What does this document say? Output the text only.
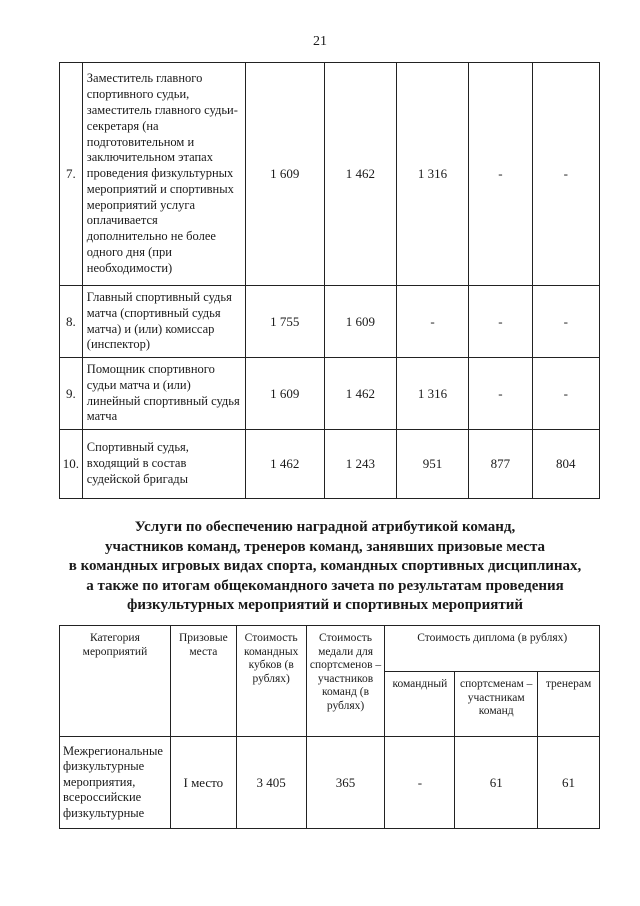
21
7.	Заместитель главного спортивного судьи, заместитель главного судьи-секретаря (на подготовительном и заключительном этапах проведения физкультурных мероприятий и спортивных мероприятий услуга оплачивается дополнительно не более одного дня (при необходимости)	1 609	1 462	1 316	-	-
8.	Главный спортивный судья матча (спортивный судья матча) и (или) комиссар (инспектор)	1 755	1 609	-	-	-
9.	Помощник спортивного судьи матча и (или) линейный спортивный судья матча	1 609	1 462	1 316	-	-
10.	Спортивный судья, входящий в состав судейской бригады	1 462	1 243	951	877	804
Услуги по обеспечению наградной атрибутикой команд,
участников команд, тренеров команд, занявших призовые места
в командных игровых видах спорта, командных спортивных дисциплинах,
а также по итогам общекомандного зачета по результатам проведения
физкультурных мероприятий и спортивных мероприятий
Категория мероприятий	Призовые места	Стоимость командных кубков (в рублях)	Стоимость медали для спортсменов – участников команд (в рублях)	Стоимость диплома (в рублях)		
				командный	спортсменам – участникам команд	тренерам
Межрегиональные физкультурные мероприятия, всероссийские физкультурные	I место	3 405	365	-	61	61
